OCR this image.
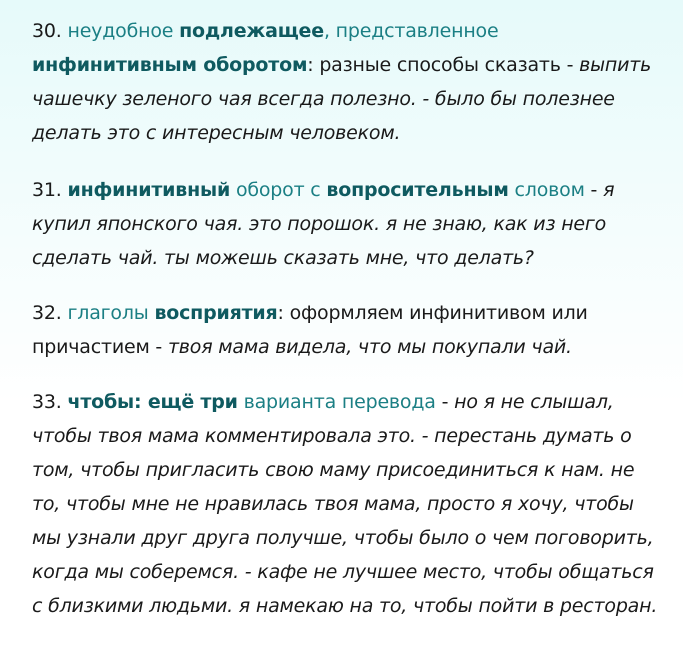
30. неудобное подлежащее, представленное инфинитивным оборотом: разные способы сказать - выпить чашечку зеленого чая всегда полезно. - было бы полезнее делать это с интересным человеком.

31. инфинитивный оборот с вопросительным словом - я купил японского чая. это порошок. я не знаю, как из него сделать чай. ты можешь сказать мне, что делать?

32. глаголы восприятия: оформляем инфинитивом или причастием - твоя мама видела, что мы покупали чай.

33. чтобы: ещё три варианта перевода - но я не слышал, чтобы твоя мама комментировала это. - перестань думать о том, чтобы пригласить свою маму присоединиться к нам. не то, чтобы мне не нравилась твоя мама, просто я хочу, чтобы мы узнали друг друга получше, чтобы было о чем поговорить, когда мы соберемся. - кафе не лучшее место, чтобы общаться с близкими людьми. я намекаю на то, чтобы пойти в ресторан.
